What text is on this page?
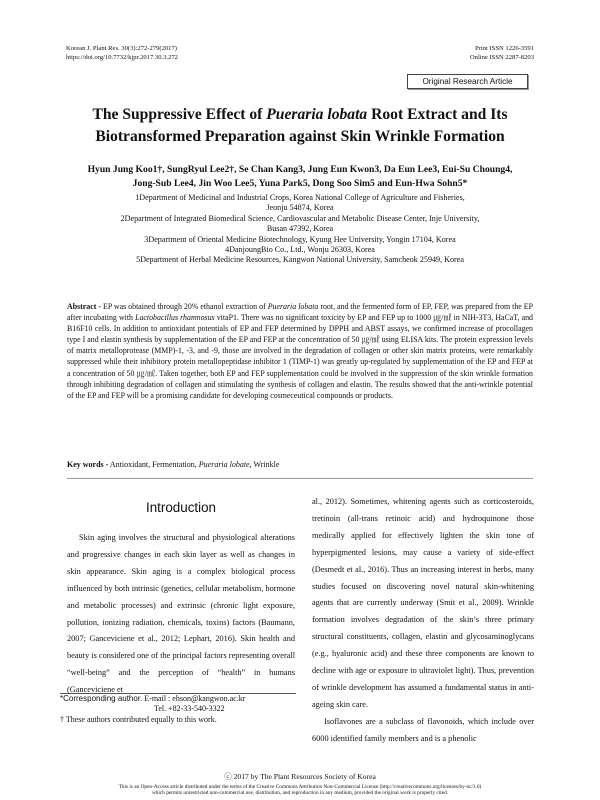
Korean J. Plant Res. 30(3):272-279(2017)
https://doi.org/10.7732/kjpr.2017.30.3.272
Print ISSN 1226-3591
Online ISSN 2287-8203
Original Research Article
The Suppressive Effect of Pueraria lobata Root Extract and Its
Biotransformed Preparation against Skin Wrinkle Formation
Hyun Jung Koo1†, SungRyul Lee2†, Se Chan Kang3, Jung Eun Kwon3, Da Eun Lee3, Eui-Su Choung4,
Jong-Sub Lee4, Jin Woo Lee5, Yuna Park5, Dong Soo Sim5 and Eun-Hwa Sohn5*
1Department of Medicinal and Industrial Crops, Korea National College of Agriculture and Fisheries,
Jeonju 54874, Korea
2Department of Integrated Biomedical Science, Cardiovascular and Metabolic Disease Center, Inje University,
Busan 47392, Korea
3Department of Oriental Medicine Biotechnology, Kyung Hee University, Yongin 17104, Korea
4DanjoungBio Co., Ltd., Wonju 26303, Korea
5Department of Herbal Medicine Resources, Kangwon National University, Samcheok 25949, Korea
Abstract - EP was obtained through 20% ethanol extraction of Pueraria lobata root, and the fermented form of EP, FEP, was prepared from the EP after incubating with Lactobacillus rhamnosus vitaP1. There was no significant toxicity by EP and FEP up to 1000 ㎍/㎖ in NIH-3T3, HaCaT, and B16F10 cells. In addition to antioxidant potentials of EP and FEP determined by DPPH and ABST assays, we confirmed increase of procollagen type I and elastin synthesis by supplementation of the EP and FEP at the concentration of 50 ㎍/㎖ using ELISA kits. The protein expression levels of matrix metalloprotease (MMP)-1, -3, and -9, those are involved in the degradation of collagen or other skin matrix proteins, were remarkably suppressed while their inhibitory protein metallopeptidase inhibitor 1 (TIMP-1) was greatly up-regulated by supplementation of the EP and FEP at a concentration of 50 ㎍/㎖. Taken together, both EP and FEP supplementation could be involved in the suppression of the skin wrinkle formation through inhibiting degradation of collagen and stimulating the synthesis of collagen and elastin. The results showed that the anti-wrinkle potential of the EP and FEP will be a promising candidate for developing cosmeceutical compounds or products.
Key words - Antioxidant, Fermentation, Pueraria lobate, Wrinkle
Introduction

Skin aging involves the structural and physiological alterations and progressive changes in each skin layer as well as changes in skin appearance. Skin aging is a complex biological process influenced by both intrinsic (genetics, cellular metabolism, hormone and metabolic processes) and extrinsic (chronic light exposure, pollution, ionizing radiation, chemicals, toxins) factors (Baumann, 2007; Ganceviciene et al., 2012; Lephart, 2016). Skin health and beauty is considered one of the principal factors representing overall “well-being” and the perception of “health” in humans (Ganceviciene et

al., 2012). Sometimes, whitening agents such as corticosteroids, tretinoin (all-trans retinoic acid) and hydroquinone those medically applied for effectively lighten the skin tone of hyperpigmented lesions, may cause a variety of side-effect (Desmedt et al., 2016). Thus an increasing interest in herbs, many studies focused on discovering novel natural skin-whitening agents that are currently underway (Smit et al., 2009). Wrinkle formation involves degradation of the skin’s three primary structural constituents, collagen, elastin and glycosaminoglycans (e.g., hyaluronic acid) and these three components are known to decline with age or exposure to ultraviolet light). Thus, prevention of wrinkle development has assumed a fundamental status in anti-ageing skin care.

Isoflavones are a subclass of flavonoids, which include over 6000 identified family members and is a phenolic

*Corresponding author. E-mail : ehson@kangwon.ac.kr
Tel. +82-33-540-3322
† These authors contributed equally to this work.
ⓒ 2017 by The Plant Resources Society of Korea
This is an Open-Access article distributed under the terms of the Creative Commons Attribution Non-Commercial License (http://creativecommons.org/licenses/by-nc/3.0)
which permits unrestricted non-commercial use, distribution, and reproduction in any medium, provided the original work is properly cited.
